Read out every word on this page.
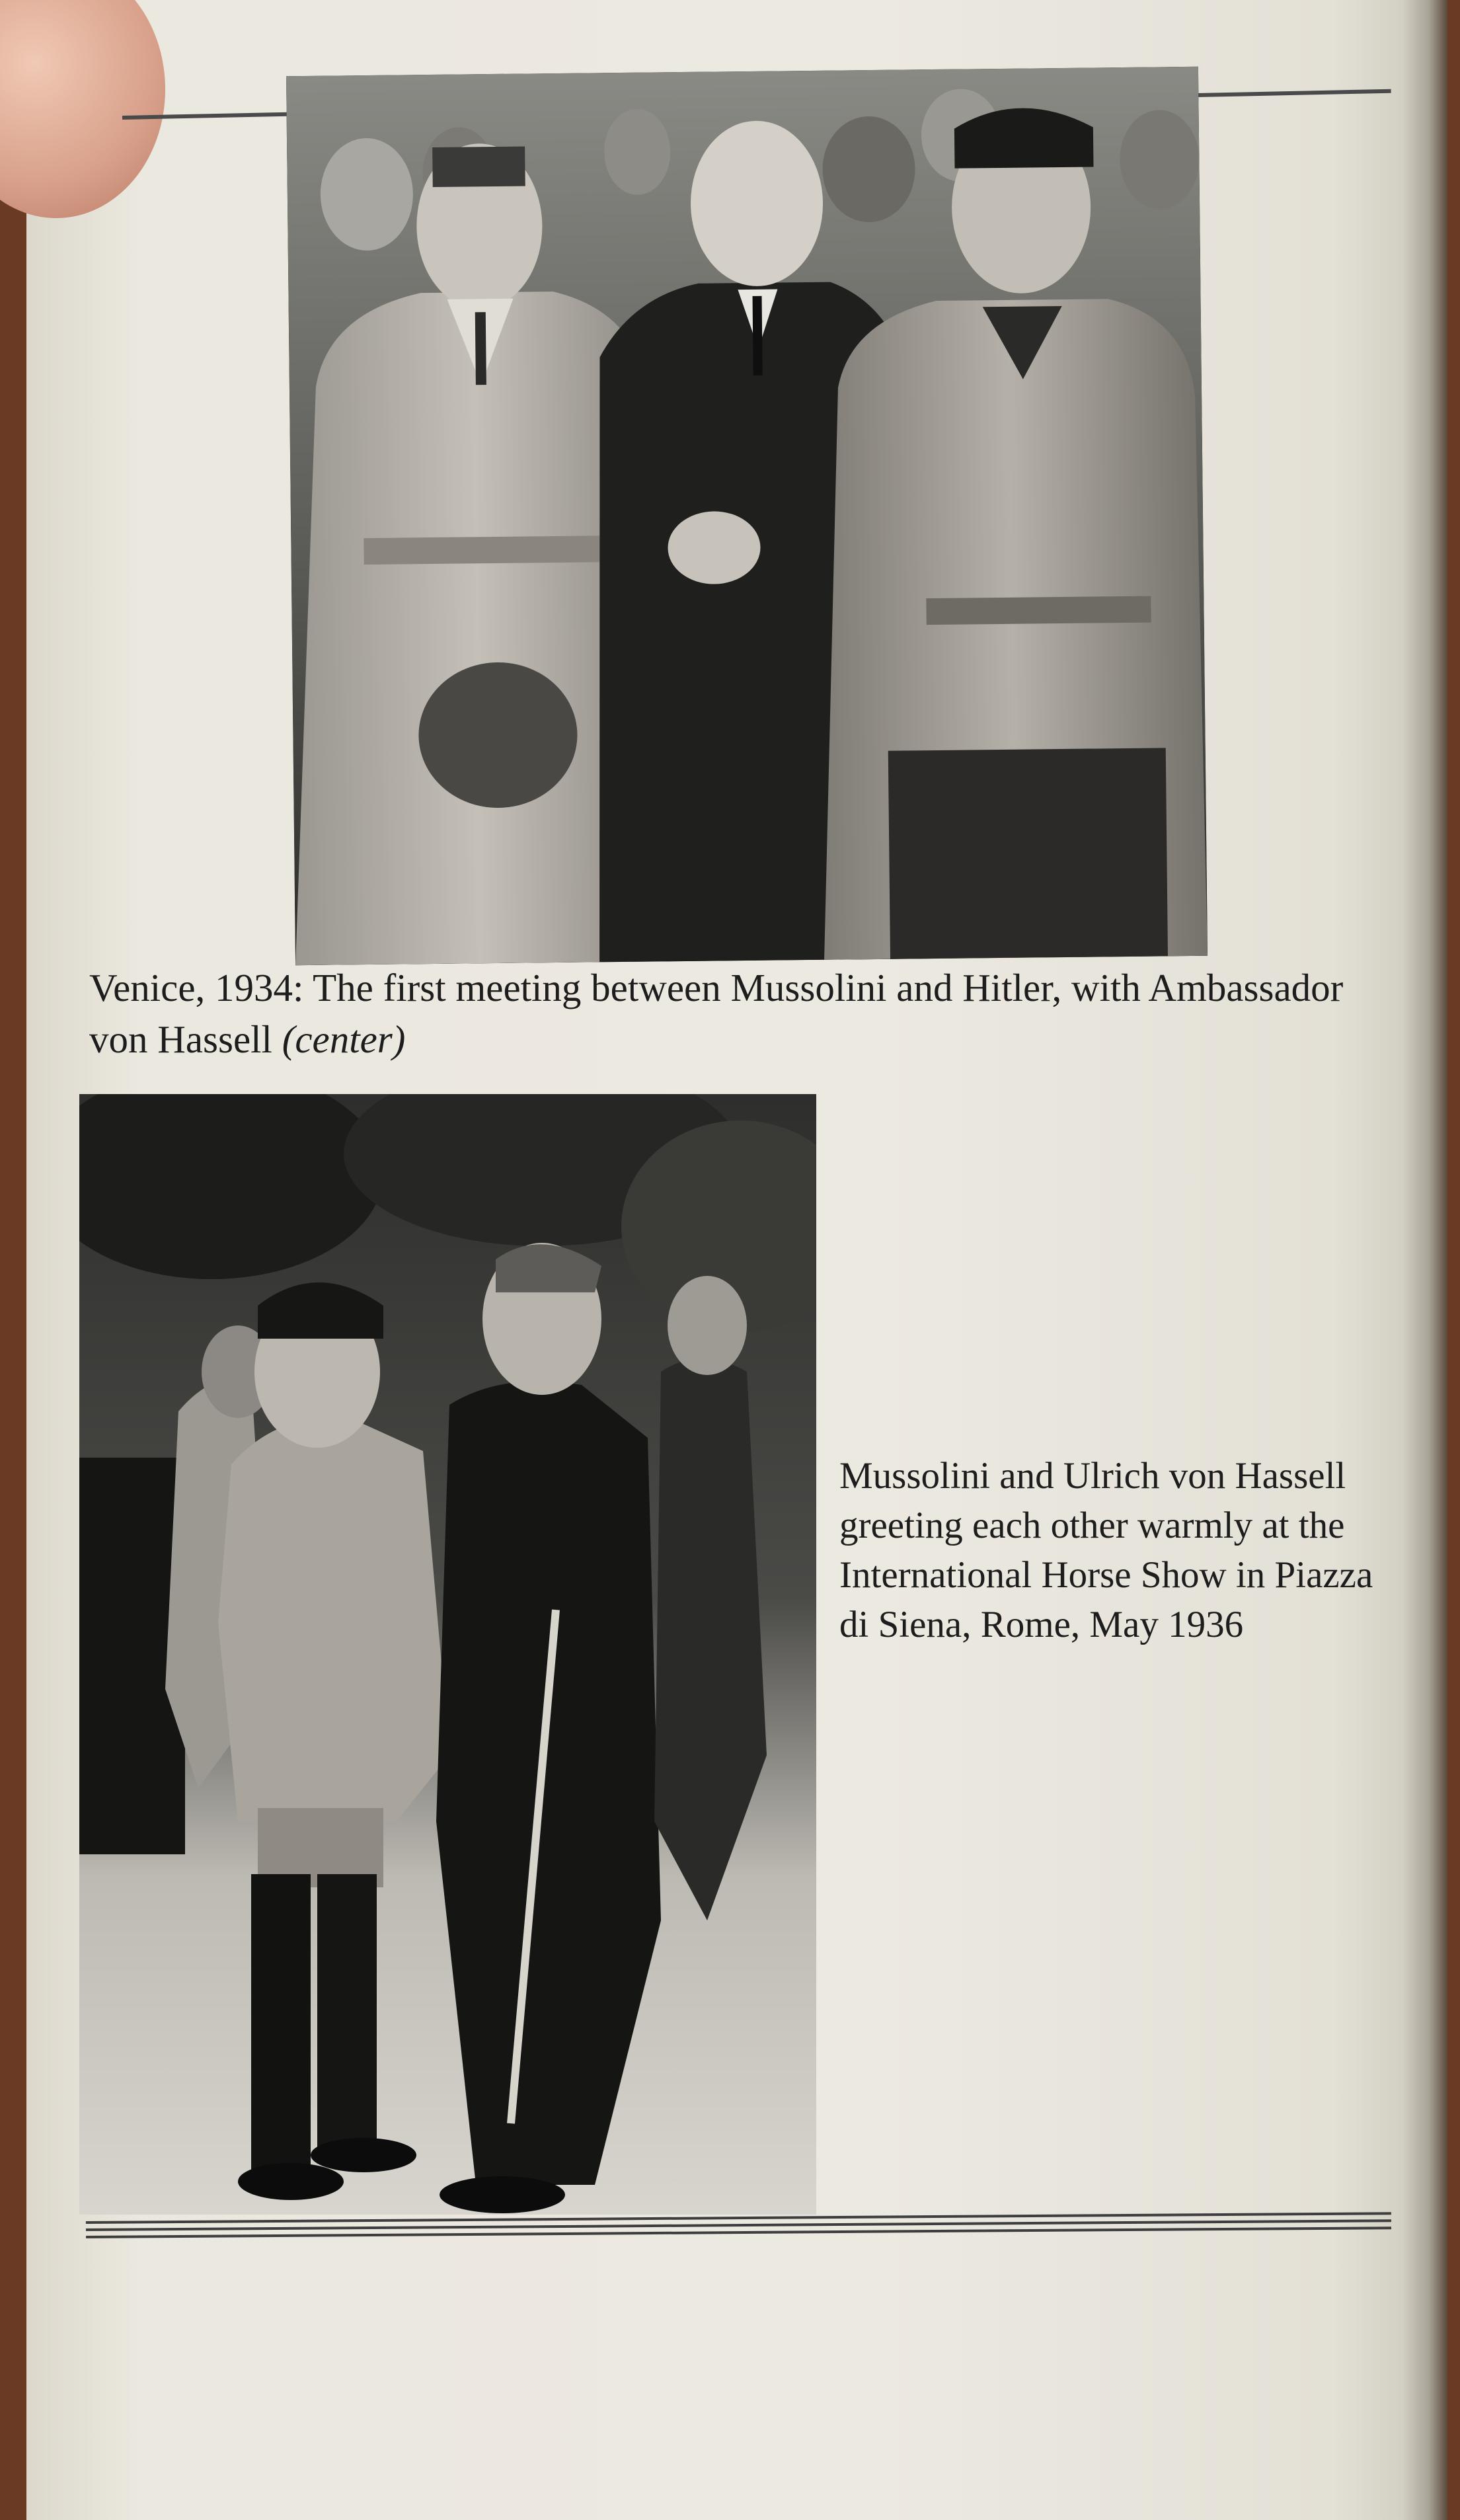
Venice, 1934: The first meeting between Mussolini and Hitler, with Ambassador von Hassell (center)
Mussolini and Ulrich von Hassell greeting each other warmly at the International Horse Show in Piazza di Siena, Rome, May 1936
